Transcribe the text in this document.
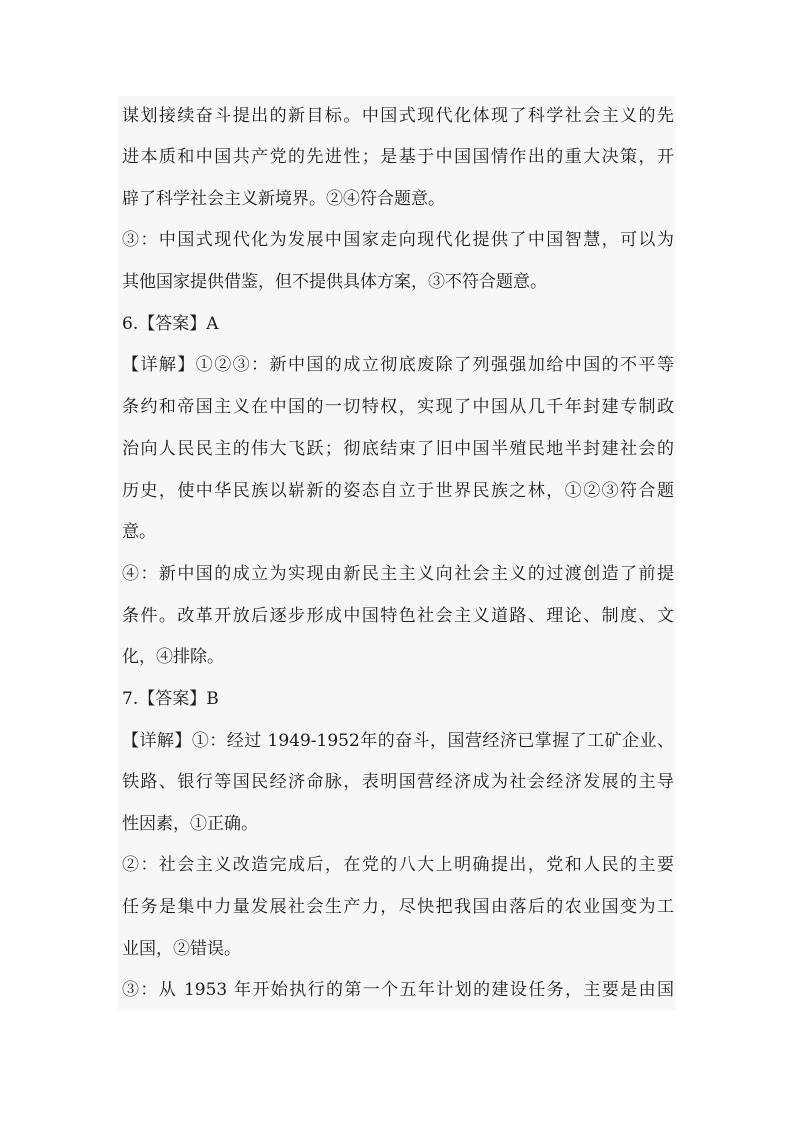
谋划接续奋斗提出的新目标。中国式现代化体现了科学社会主义的先
进本质和中国共产党的先进性；是基于中国国情作出的重大决策，开
辟了科学社会主义新境界。②④符合题意。
③：中国式现代化为发展中国家走向现代化提供了中国智慧，可以为
其他国家提供借鉴，但不提供具体方案，③不符合题意。
6.【答案】A
【详解】①②③：新中国的成立彻底废除了列强强加给中国的不平等
条约和帝国主义在中国的一切特权，实现了中国从几千年封建专制政
治向人民民主的伟大飞跃；彻底结束了旧中国半殖民地半封建社会的
历史，使中华民族以崭新的姿态自立于世界民族之林，①②③符合题
意。
④：新中国的成立为实现由新民主主义向社会主义的过渡创造了前提
条件。改革开放后逐步形成中国特色社会主义道路、理论、制度、文
化，④排除。
7.【答案】B
【详解】①：经过 1949-1952年的奋斗，国营经济已掌握了工矿企业、
铁路、银行等国民经济命脉，表明国营经济成为社会经济发展的主导
性因素，①正确。
②：社会主义改造完成后，在党的八大上明确提出，党和人民的主要
任务是集中力量发展社会生产力，尽快把我国由落后的农业国变为工
业国，②错误。
③：从 1953 年开始执行的第一个五年计划的建设任务，主要是由国
